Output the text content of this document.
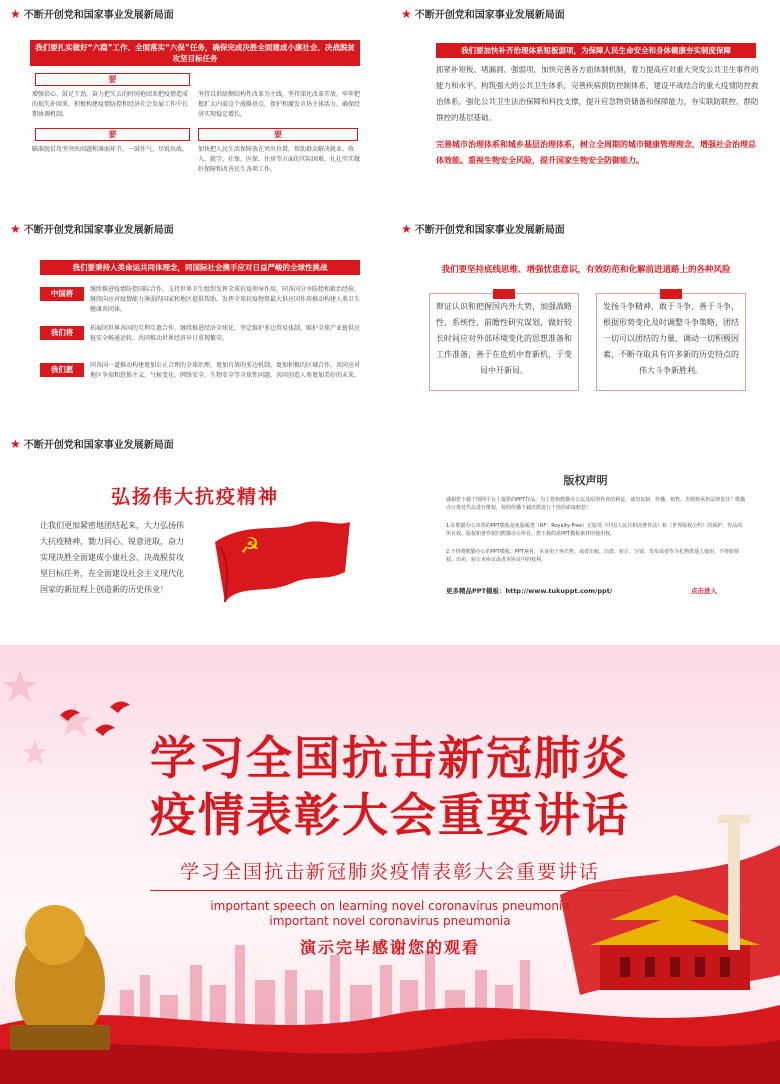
★ 不断开创党和国家事业发展新局面
我们要扎实做好“六稳”工作、全面落实“六保”任务，确保完成决胜全面建成小康社会、决战脱贫攻坚目标任务
要
增强信心、鼓足干劲，奋力把失去的时间抢回来把疫情造成的损失补回来。积极构建疫情防控和经济社会发展工作中长期协调机制。
坚持以供给侧结构性改革为主线，坚持深化改革开放，牢牢把握扩大内需这个战略基点，保护和激发市场主体活力，确保经济实现稳定增长。
要	要
瞄准脱贫攻坚突出问题和薄弱环节，一鼓作气、尽锐出战。	加快把人民生活保障放在突出位置，帮助群众解决就业、收入、就学、社保、医保、住房等方面的实际困难，扎扎实实做好保障和改善民生各项工作。
★ 不断开创党和国家事业发展新局面
我们要加快补齐治理体系短板弱项，为保障人民生命安全和身体健康夯实制度保障
抓紧补短板、堵漏洞、强弱项，加快完善各方面体制机制，着力提高应对重大突发公共卫生事件的能力和水平。构筑强大的公共卫生体系，完善疾病预防控制体系，建设平战结合的重大疫情防控救治体系，强化公共卫生法治保障和科技支撑，提升应急物资储备和保障能力，夯实联防联控、群防群控的基层基础。
完善城市治理体系和城乡基层治理体系，树立全周期的城市健康管理理念，增强社会治理总体效能。重视生物安全风险，提升国家生物安全防御能力。
★ 不断开创党和国家事业发展新局面
我们要秉持人类命运共同体理念，同国际社会携手应对日益严峻的全球性挑战
中国将	继续推进疫情防控国际合作，支持世界卫生组织发挥全球抗疫领导作用，同各国分享防控和救治经验，继续向应对疫情能力薄弱的国家和地区提供帮助，发挥全球抗疫物资最大供应国作用推动构建人类卫生健康共同体。
我们将	拓展同世界各国的互利互惠合作，继续推进经济全球化，坚定维护多边贸易体制，维护全球产业链供应链安全畅通运转，共同推动世界经济早日重现繁荣。
我们愿	同各国一道推动构建更加公正合理的全球治理，更加有效的多边机制，更加积极的区域合作，共同应对地区争端和恐怖主义、气候变化、网络安全、生物安全等全球性问题，共同创造人类更加美好的未来。
★ 不断开创党和国家事业发展新局面
我们要坚持底线思维、增强忧患意识，有效防范和化解前进道路上的各种风险
辩证认识和把握国内外大势，加强战略性、系统性、前瞻性研究谋划，做好较长时间应对外部环境变化的思想准备和工作准备，善于在危机中育新机、于变局中开新局。
发扬斗争精神，敢于斗争、善于斗争，根据形势变化及时调整斗争策略，团结一切可以团结的力量，调动一切积极因素，不断夺取具有许多新的历史特点的伟大斗争新胜利。
★ 不断开创党和国家事业发展新局面
弘扬伟大抗疫精神
让我们更加紧密地团结起来，大力弘扬伟大抗疫精神，勠力同心、锐意进取，奋力实现决胜全面建成小康社会、决战脱贫攻坚目标任务，在全面建设社会主义现代化国家的新征程上创造新的历史伟业！
☭
版权声明
感谢您下载千图网平台上提供的PPT作品，为了您和熊猫办公以及原创作者的利益，请勿复制、传播、销售，否则将承担法律责任！熊猫办公将对作品进行维权，按照传播下载次数进行十倍的索取赔偿！
1.在熊猫办公出售的PPT模板是免版税类（RF：Royalty-Free）正版受《中国人民共和国著作法》和《世界版权公约》的保护，作品的所有权、版权和著作权归熊猫办公所有，您下载的是PPT模板素材的使用权。
2.不得将熊猫办公的PPT模板、PPT素材，本身用于再出售，或者出租、出借、转让、分销、发布或者作为礼物供他人使用，不得转授权、出卖、转让本协议或者本协议中的权利。
更多精品PPT模板：http://www.tukuppt.com/ppt/	点击进入
学习全国抗击新冠肺炎
疫情表彰大会重要讲话
学习全国抗击新冠肺炎疫情表彰大会重要讲话
important speech on learning novel coronavirus pneumonia important novel coronavirus pneumonia
演示完毕感谢您的观看
